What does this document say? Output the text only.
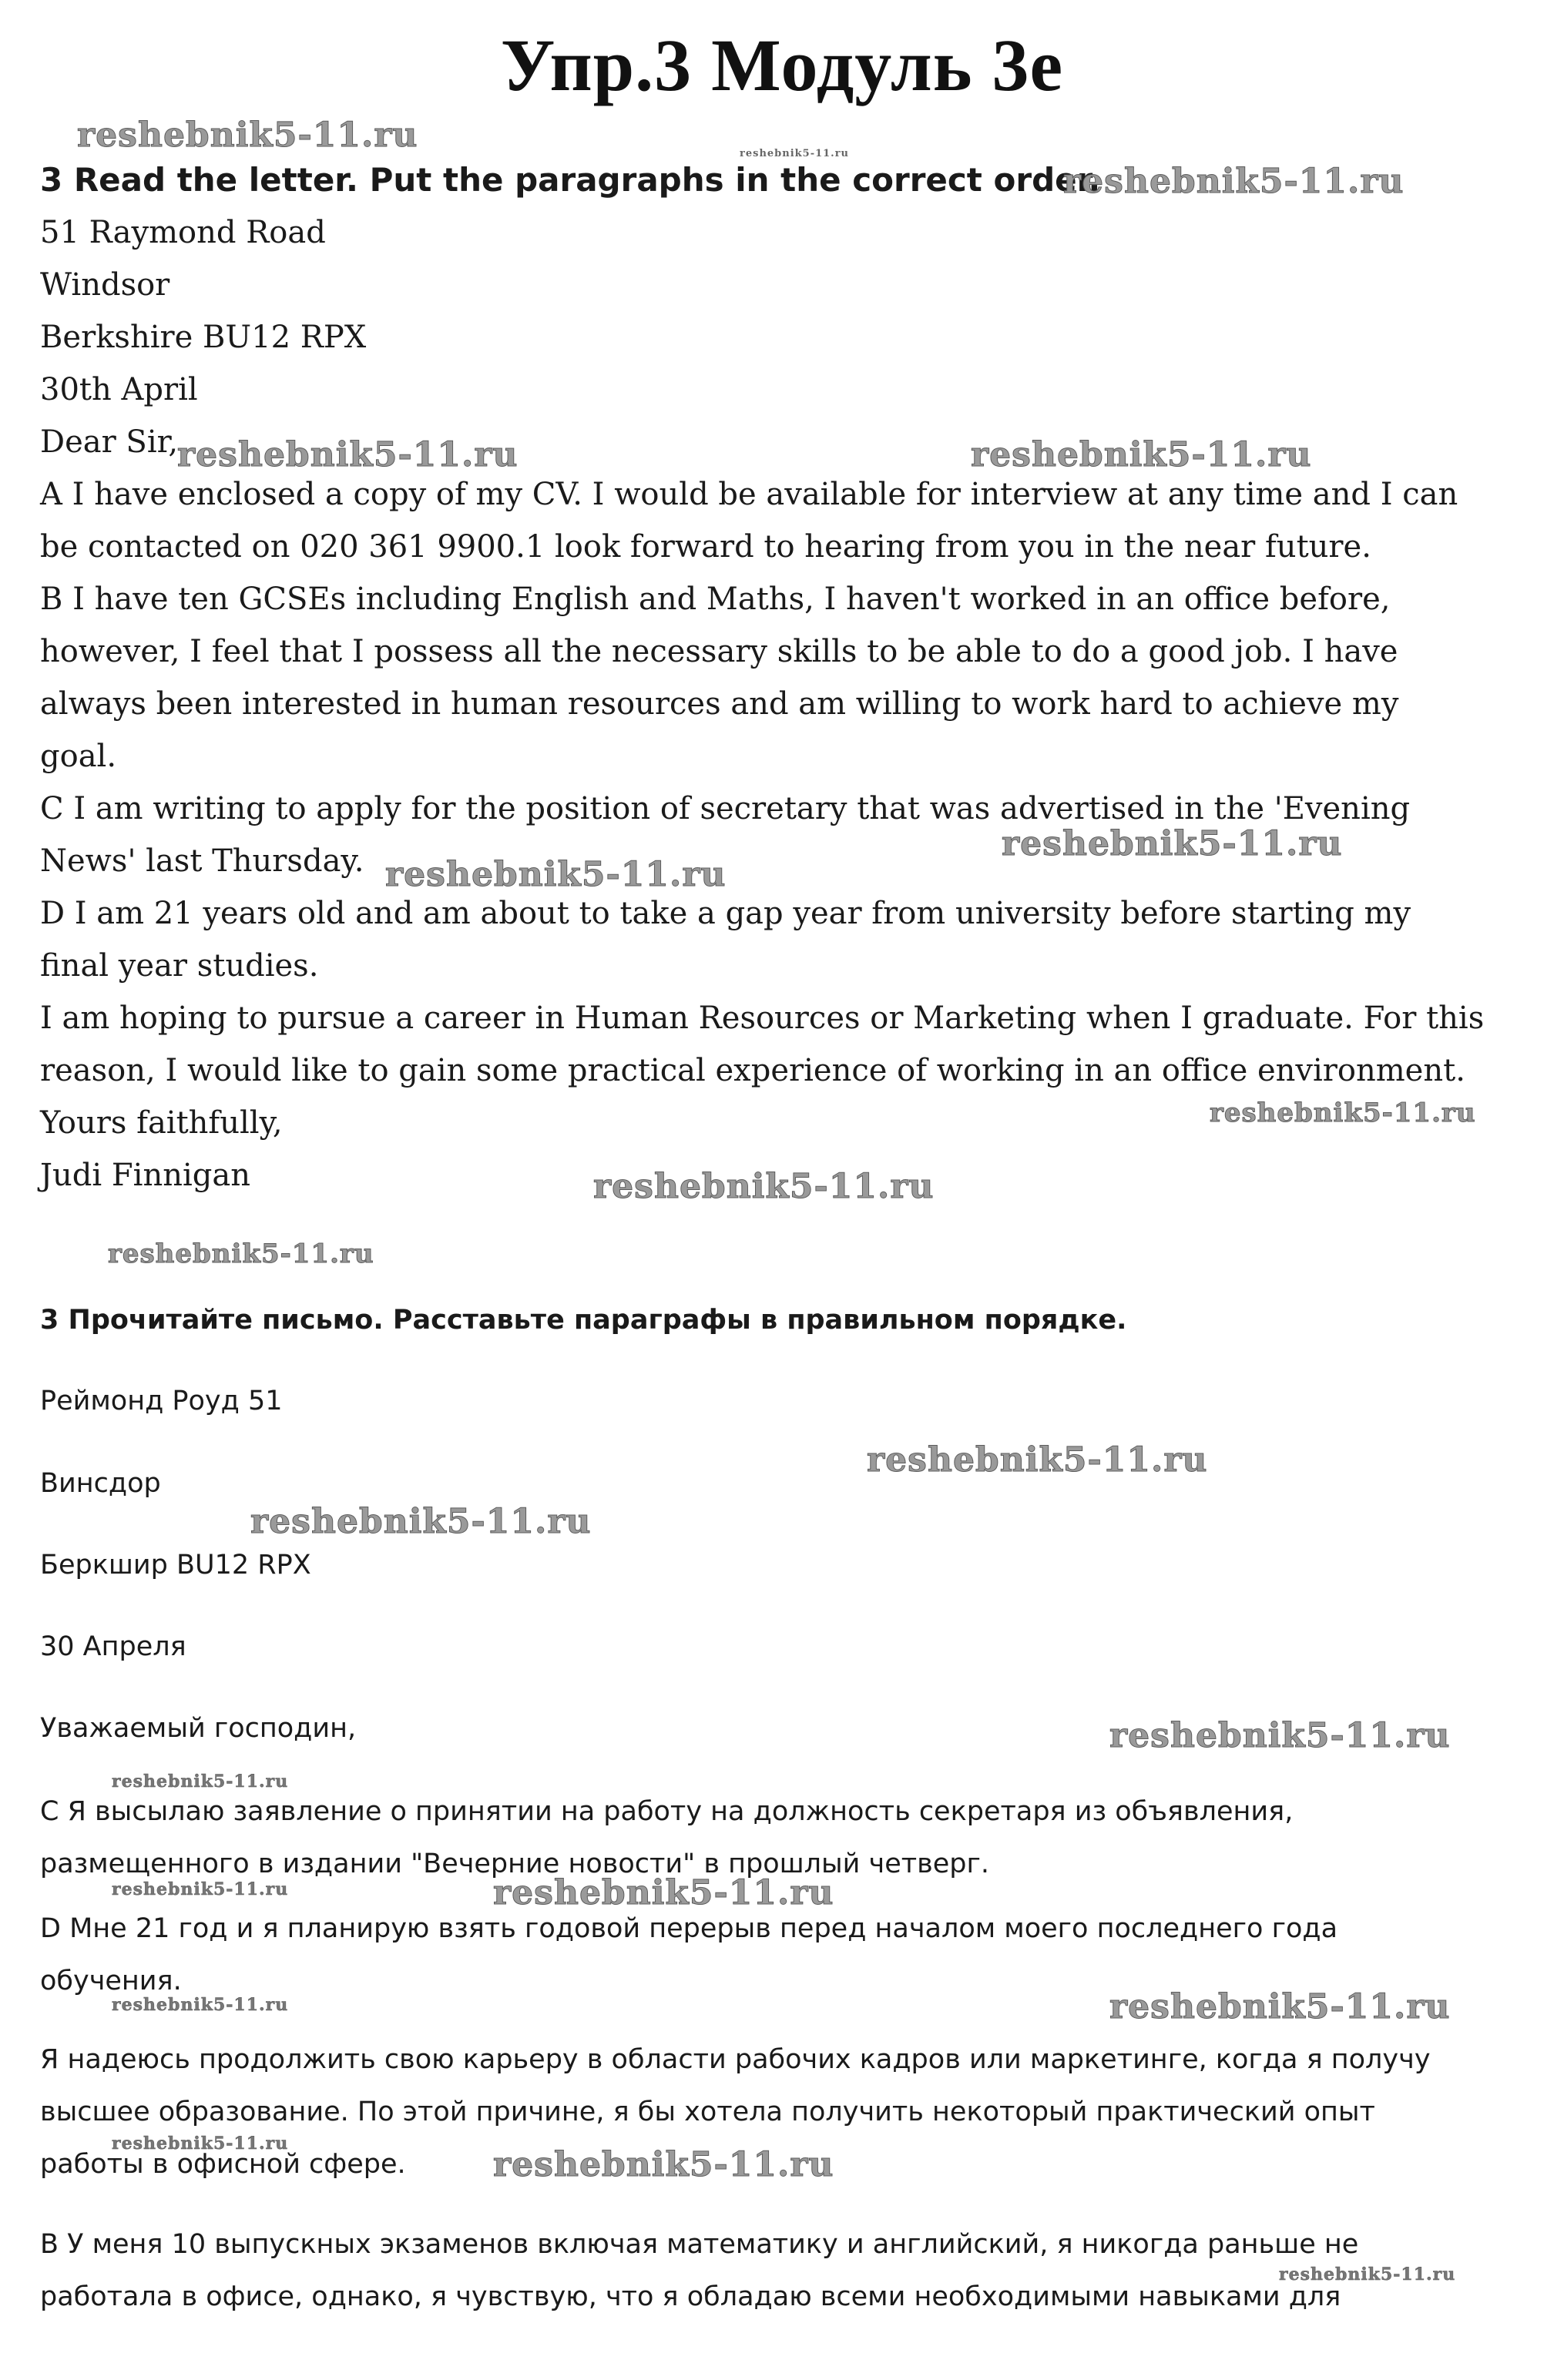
Упр.3 Модуль 3е
3 Read the letter. Put the paragraphs in the correct order.
51 Raymond Road
Windsor
Berkshire BU12 RPX
30th April
Dear Sir,
A I have enclosed a copy of my CV. I would be available for interview at any time and I can
be contacted on 020 361 9900.1 look forward to hearing from you in the near future.
B I have ten GCSEs including English and Maths, I haven't worked in an office before,
however, I feel that I possess all the necessary skills to be able to do a good job. I have
always been interested in human resources and am willing to work hard to achieve my
goal.
C I am writing to apply for the position of secretary that was advertised in the 'Evening
News' last Thursday.
D I am 21 years old and am about to take a gap year from university before starting my
final year studies.
I am hoping to pursue a career in Human Resources or Marketing when I graduate. For this
reason, I would like to gain some practical experience of working in an office environment.
Yours faithfully,
Judi Finnigan
3 Прочитайте письмо. Расставьте параграфы в правильном порядке.
Реймонд Роуд 51
Винсдор
Беркшир BU12 RPX
30 Апреля
Уважаемый господин,
С Я высылаю заявление о принятии на работу на должность секретаря из объявления,
размещенного в издании "Вечерние новости" в прошлый четверг.
D Мне 21 год и я планирую взять годовой перерыв перед началом моего последнего года
обучения.
Я надеюсь продолжить свою карьеру в области рабочих кадров или маркетинге, когда я получу
высшее образование. По этой причине, я бы хотела получить некоторый практический опыт
работы в офисной сфере.
В У меня 10 выпускных экзаменов включая математику и английский, я никогда раньше не
работала в офисе, однако, я чувствую, что я обладаю всеми необходимыми навыками для
reshebnik5-11.ru	reshebnik5-11.ru
reshebnik5-11.ru
reshebnik5-11.ru	reshebnik5-11.ru
reshebnik5-11.ru
reshebnik5-11.ru
reshebnik5-11.ru
reshebnik5-11.ru
reshebnik5-11.ru
reshebnik5-11.ru
reshebnik5-11.ru
reshebnik5-11.ru
reshebnik5-11.ru
reshebnik5-11.ru	reshebnik5-11.ru
reshebnik5-11.ru	reshebnik5-11.ru
reshebnik5-11.ru
reshebnik5-11.ru
reshebnik5-11.ru
